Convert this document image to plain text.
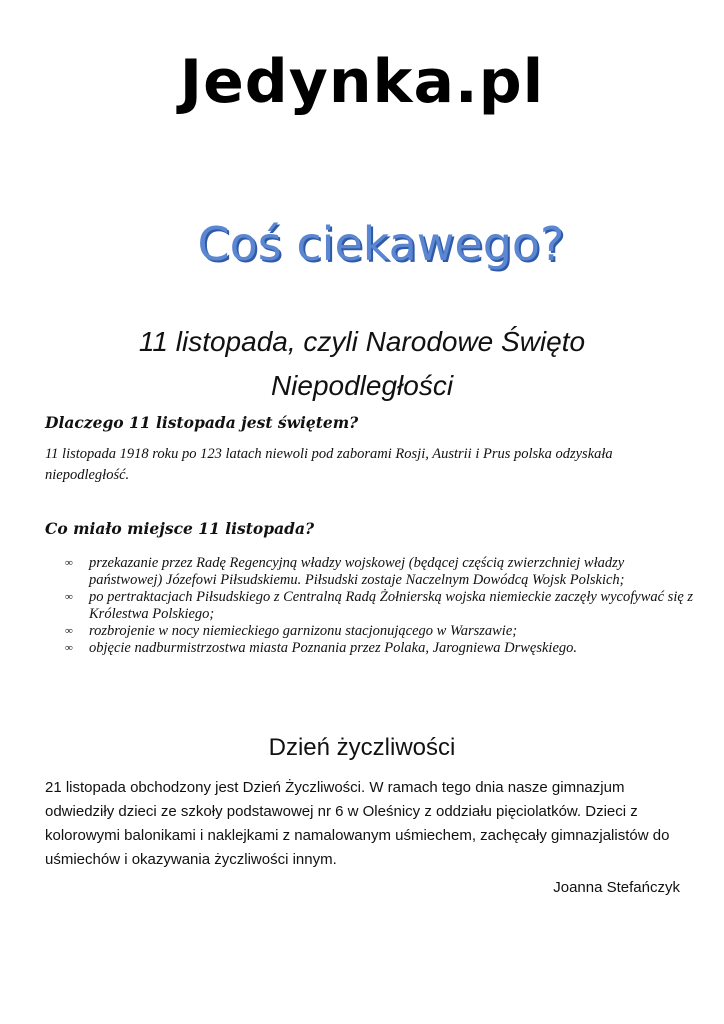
Jedynka.pl
Coś ciekawego?
11 listopada, czyli Narodowe Święto
Niepodległości
Dlaczego 11 listopada jest świętem?
11 listopada 1918 roku po 123 latach niewoli pod zaborami Rosji, Austrii i Prus polska odzyskała niepodległość.
Co miało miejsce 11 listopada?
∞	przekazanie przez Radę Regencyjną władzy wojskowej (będącej częścią zwierzchniej władzy państwowej) Józefowi Piłsudskiemu. Piłsudski zostaje Naczelnym Dowódcą Wojsk Polskich;
∞	po pertraktacjach Piłsudskiego z Centralną Radą Żołnierską wojska niemieckie zaczęły wycofywać się z Królestwa Polskiego;
∞	rozbrojenie w nocy niemieckiego garnizonu stacjonującego w Warszawie;
∞	objęcie nadburmistrzostwa miasta Poznania przez Polaka, Jarogniewa Drwęskiego.
Dzień życzliwości

21 listopada obchodzony jest Dzień Życzliwości. W ramach tego dnia nasze gimnazjum odwiedziły dzieci ze szkoły podstawowej nr 6 w Oleśnicy z oddziału pięciolatków. Dzieci z kolorowymi balonikami i naklejkami z namalowanym uśmiechem, zachęcały gimnazjalistów do uśmiechów i okazywania życzliwości innym.

Joanna Stefańczyk
